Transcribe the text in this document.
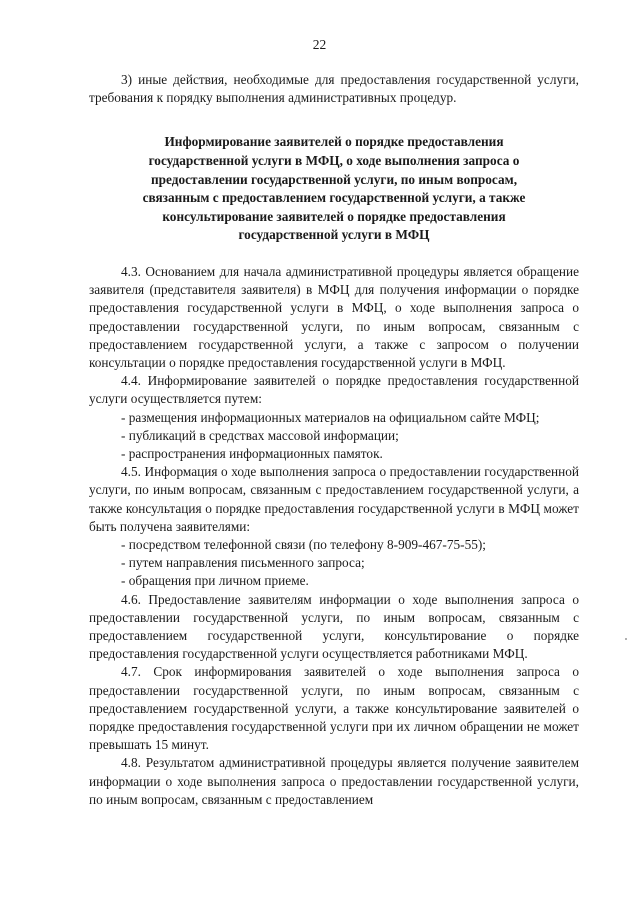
22

3) иные действия, необходимые для предоставления государственной услуги, требования к порядку выполнения административных процедур.

Информирование заявителей о порядке предоставления
государственной услуги в МФЦ, о ходе выполнения запроса о
предоставлении государственной услуги, по иным вопросам,
связанным с предоставлением государственной услуги, а также
консультирование заявителей о порядке предоставления
государственной услуги в МФЦ

4.3. Основанием для начала административной процедуры является обращение заявителя (представителя заявителя) в МФЦ для получения информации о порядке предоставления государственной услуги в МФЦ, о ходе выполнения запроса о предоставлении государственной услуги, по иным вопросам, связанным с предоставлением государственной услуги, а также с запросом о получении консультации о порядке предоставления государственной услуги в МФЦ.

4.4. Информирование заявителей о порядке предоставления государственной услуги осуществляется путем:

- размещения информационных материалов на официальном сайте МФЦ;

- публикаций в средствах массовой информации;

- распространения информационных памяток.

4.5. Информация о ходе выполнения запроса о предоставлении государственной услуги, по иным вопросам, связанным с предоставлением государственной услуги, а также консультация о порядке предоставления государственной услуги в МФЦ может быть получена заявителями:

- посредством телефонной связи (по телефону 8-909-467-75-55);

- путем направления письменного запроса;

- обращения при личном приеме.

4.6. Предоставление заявителям информации о ходе выполнения запроса о предоставлении государственной услуги, по иным вопросам, связанным с предоставлением государственной услуги, консультирование о порядке предоставления государственной услуги осуществляется работниками МФЦ.

4.7. Срок информирования заявителей о ходе выполнения запроса о предоставлении государственной услуги, по иным вопросам, связанным с предоставлением государственной услуги, а также консультирование заявителей о порядке предоставления государственной услуги при их личном обращении не может превышать 15 минут.

4.8. Результатом административной процедуры является получение заявителем информации о ходе выполнения запроса о предоставлении государственной услуги, по иным вопросам, связанным с предоставлением
